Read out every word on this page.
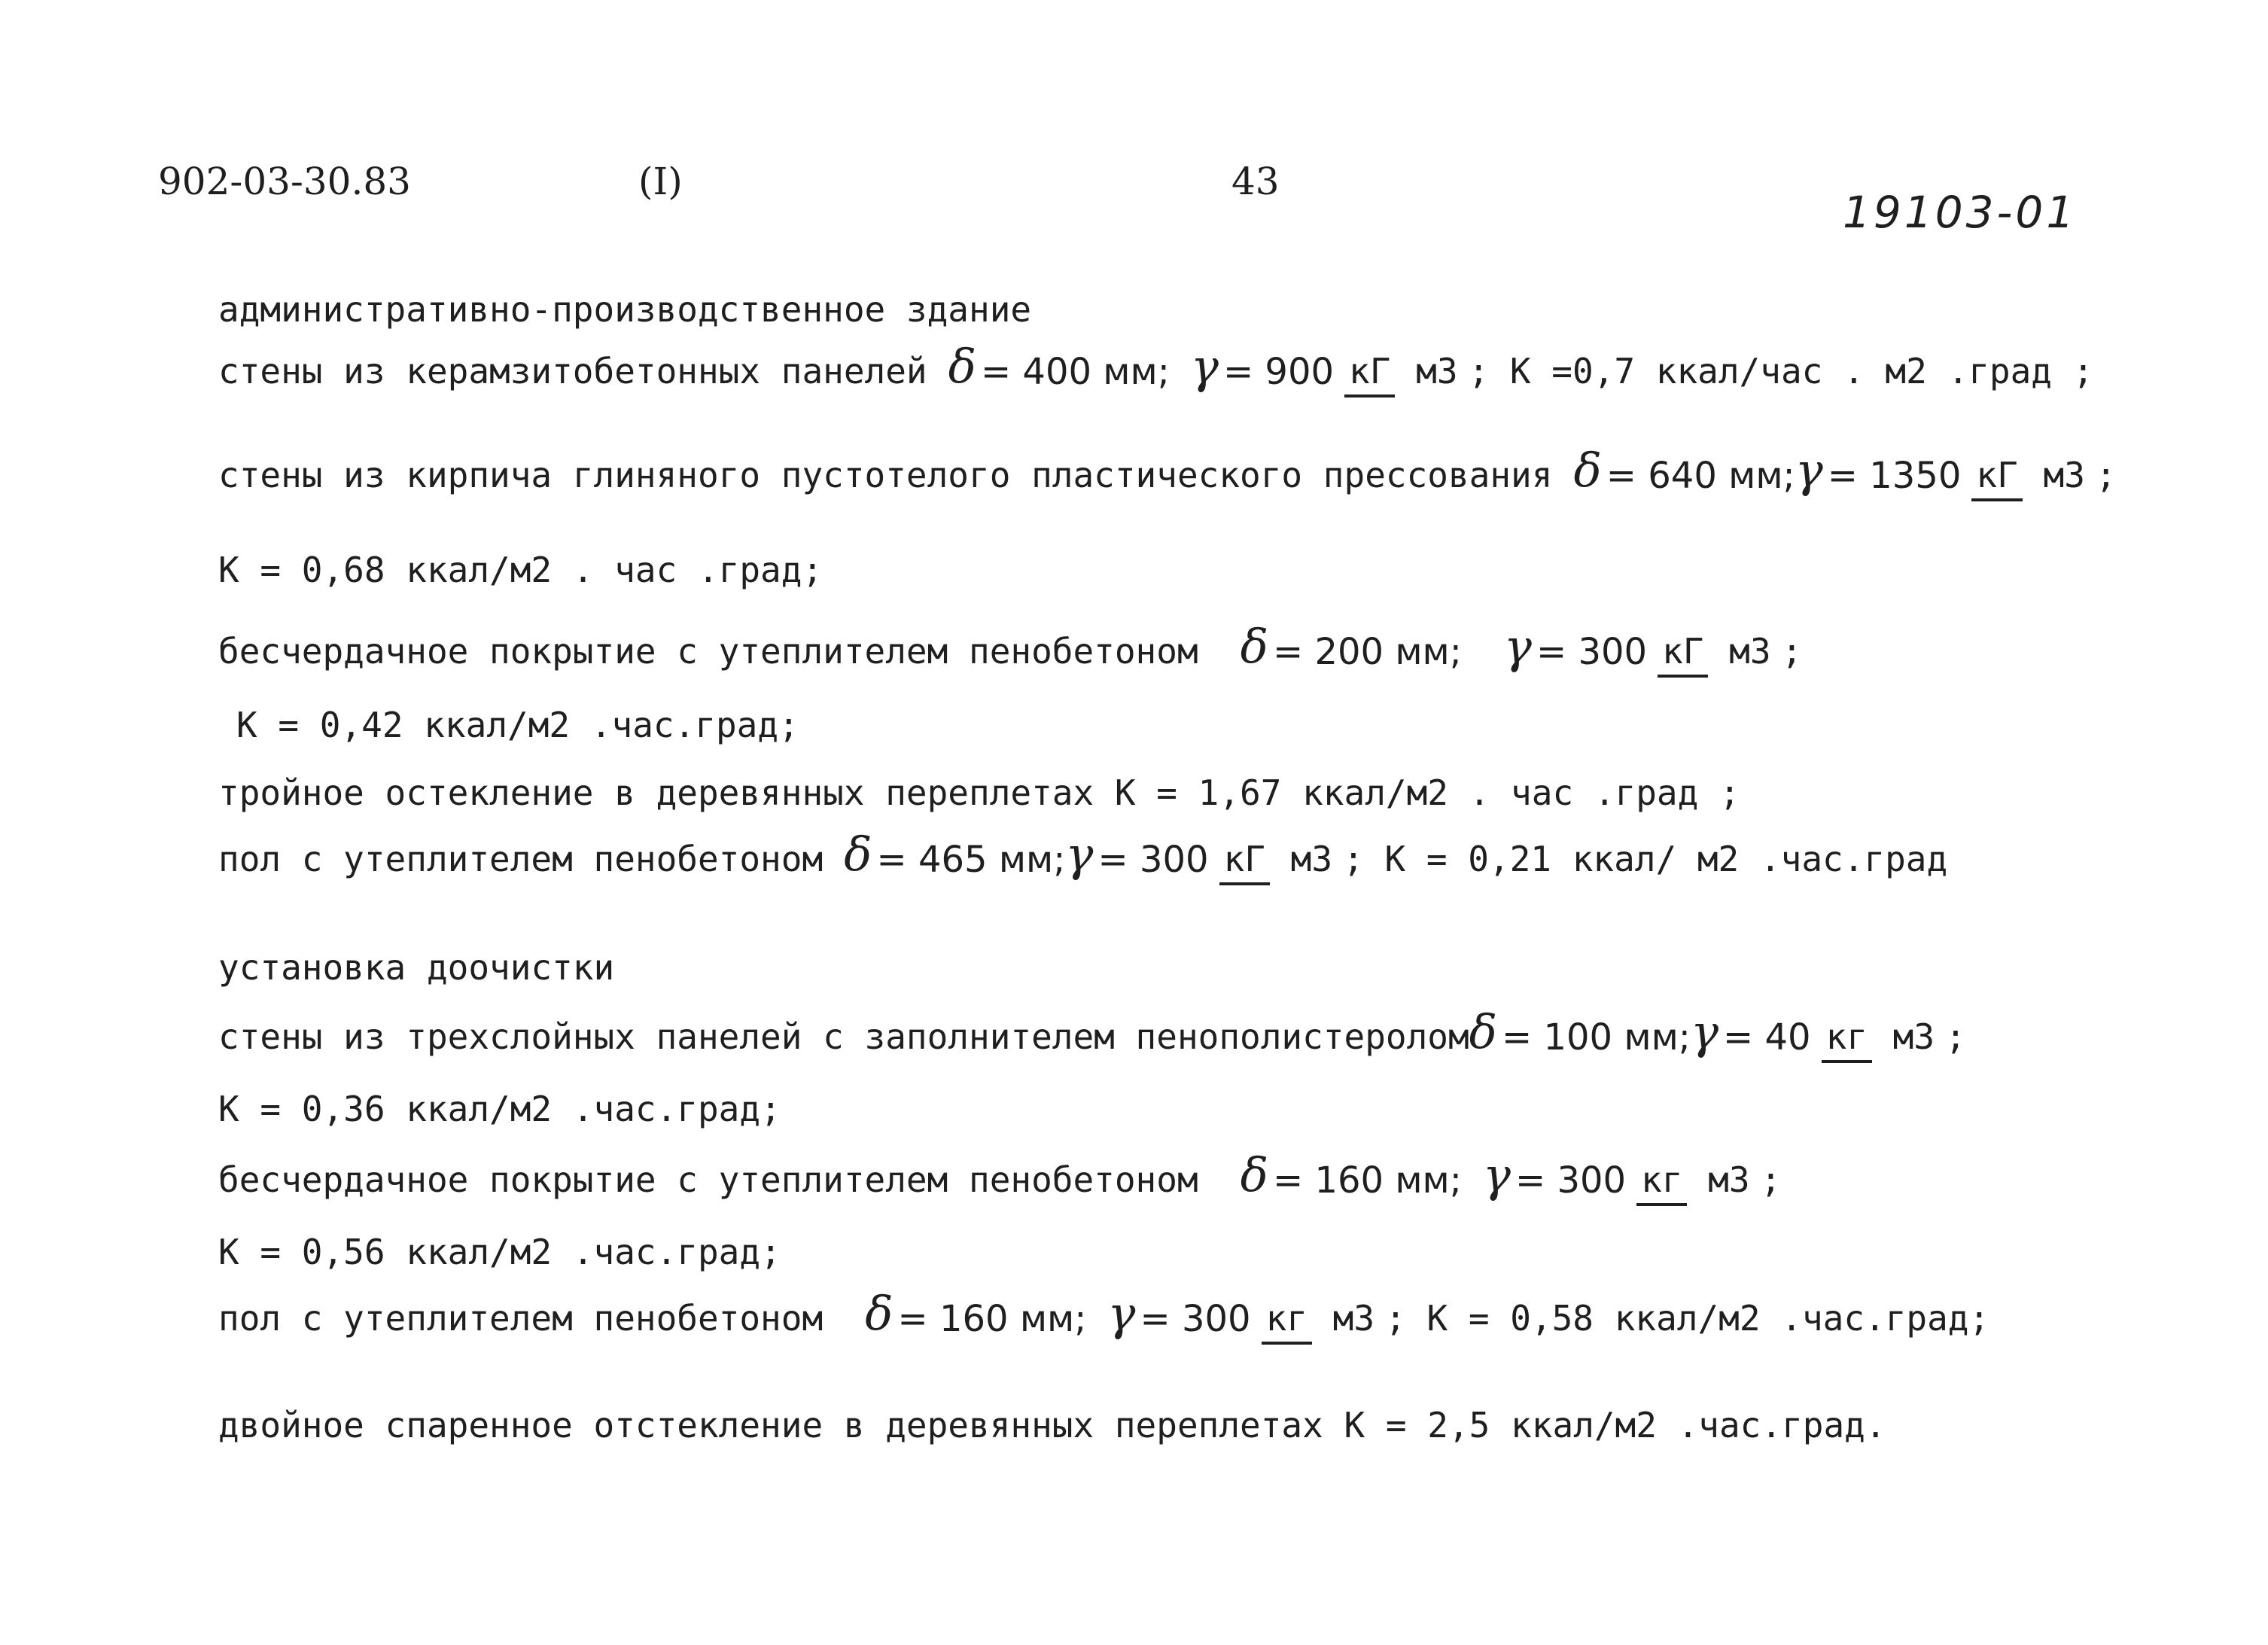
902-03-30.83	(I)	43
19103-01
административно-производственное здание
стены из керамзитобетонных панелей δ = 400 мм; γ = 900 кГ м3 ; К =0,7 ккал/час . м2 .град ;
стены из кирпича глиняного пустотелого пластического прессования δ = 640 мм; γ = 1350 кГ м3 ;
К = 0,68 ккал/м2 . час .град;
бесчердачное покрытие с утеплителем пенобетоном δ = 200 мм; γ = 300 кГ м3 ;
К = 0,42 ккал/м2 .час.град;
тройное остекление в деревянных переплетах К = 1,67 ккал/м2 . час .град ;
пол с утеплителем пенобетоном δ = 465 мм; γ = 300 кГ м3 ; К = 0,21 ккал/ м2 .час.град
установка доочистки
стены из трехслойных панелей с заполнителем пенополистеролом δ = 100 мм; γ = 40 кг м3 ;
К = 0,36 ккал/м2 .час.град;
бесчердачное покрытие с утеплителем пенобетоном δ = 160 мм; γ = 300 кг м3 ;
К = 0,56 ккал/м2 .час.град;
пол с утеплителем пенобетоном δ = 160 мм; γ = 300 кг м3 ; К = 0,58 ккал/м2 .час.град;
двойное спаренное отстекление в деревянных переплетах К = 2,5 ккал/м2 .час.град.
